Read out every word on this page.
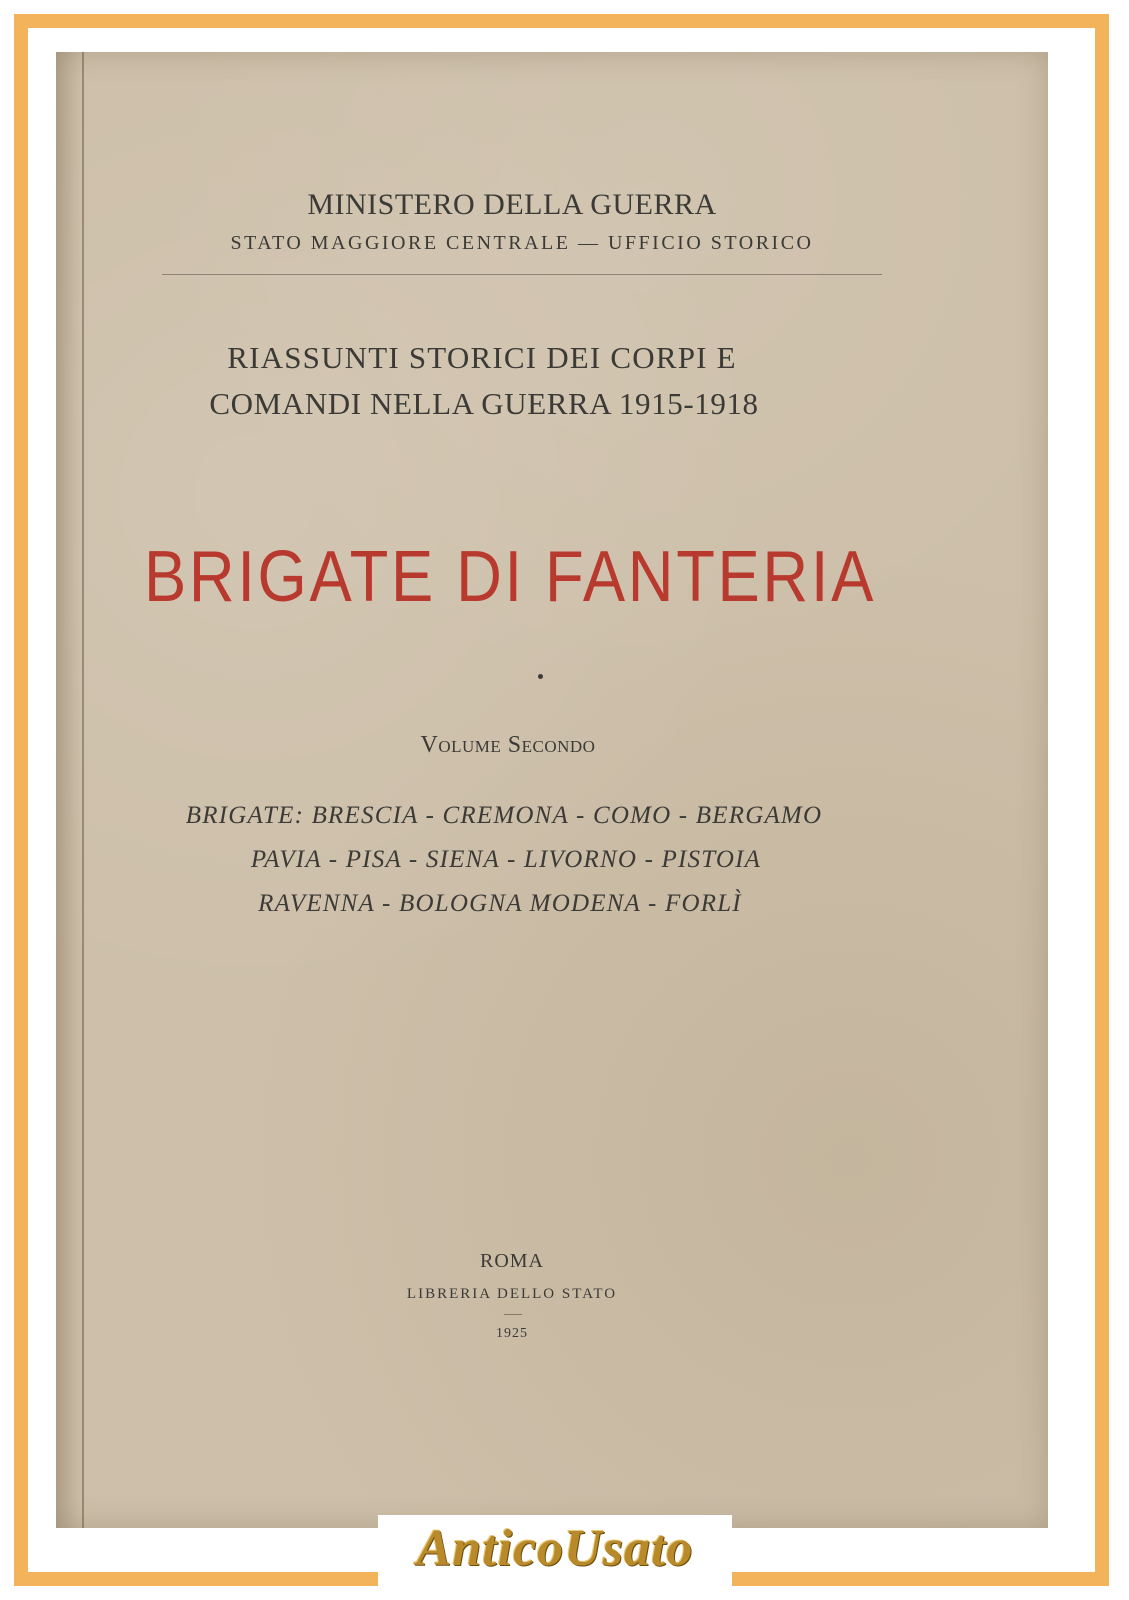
MINISTERO DELLA GUERRA
STATO MAGGIORE CENTRALE — UFFICIO STORICO
RIASSUNTI STORICI DEI CORPI E
COMANDI NELLA GUERRA 1915-1918
BRIGATE DI FANTERIA
Volume Secondo
BRIGATE: BRESCIA - CREMONA - COMO - BERGAMO
PAVIA - PISA - SIENA - LIVORNO - PISTOIA
RAVENNA - BOLOGNA MODENA - FORLÌ
ROMA
LIBRERIA DELLO STATO
1925
AnticoUsato
